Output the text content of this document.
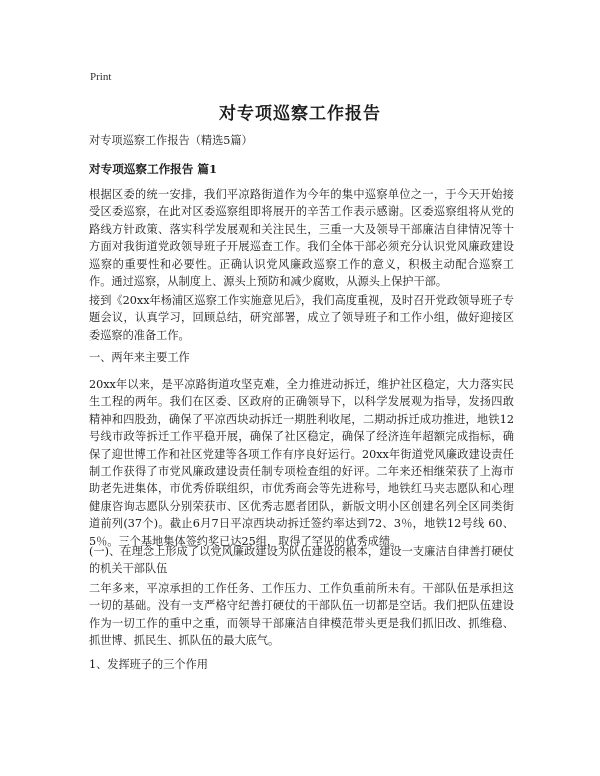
Print
对专项巡察工作报告

对专项巡察工作报告（精选5篇）

对专项巡察工作报告 篇1

根据区委的统一安排，我们平凉路街道作为今年的集中巡察单位之一，于今天开始接受区委巡察，在此对区委巡察组即将展开的辛苦工作表示感谢。区委巡察组将从党的路线方针政策、落实科学发展观和关注民生，三重一大及领导干部廉洁自律情况等十方面对我街道党政领导班子开展巡查工作。我们全体干部必须充分认识党风廉政建设巡察的重要性和必要性。正确认识党风廉政巡察工作的意义，积极主动配合巡察工作。通过巡察，从制度上、源头上预防和减少腐败，从源头上保护干部。

接到《20xx年杨浦区巡察工作实施意见后》，我们高度重视，及时召开党政领导班子专题会议，认真学习，回顾总结，研究部署，成立了领导班子和工作小组，做好迎接区委巡察的准备工作。

一、两年来主要工作

20xx年以来，是平凉路街道攻坚克难，全力推进动拆迁，维护社区稳定，大力落实民生工程的两年。我们在区委、区政府的正确领导下，以科学发展观为指导，发扬四敢精神和四股劲，确保了平凉西块动拆迁一期胜利收尾，二期动拆迁成功推进，地铁12号线市政等拆迁工作平稳开展，确保了社区稳定，确保了经济连年超额完成指标，确保了迎世博工作和社区党建等各项工作有序良好运行。20xx年街道党风廉政建设责任制工作获得了市党风廉政建设责任制专项检查组的好评。二年来还相继荣获了上海市助老先进集体，市优秀侨联组织，市优秀商会等先进称号，地铁红马夹志愿队和心理健康咨询志愿队分别荣获市、区优秀志愿者团队，新版文明小区创建名列全区同类街道前列(37个)。截止6月7日平凉西块动拆迁签约率达到72、3％，地铁12号线 60、5％。三个基地集体签约奖已达25组，取得了罕见的优秀成绩。

(一)、在理念上形成了以党风廉政建设为队伍建设的根本，建设一支廉洁自律善打硬仗的机关干部队伍

二年多来，平凉承担的工作任务、工作压力、工作负重前所未有。干部队伍是承担这一切的基础。没有一支严格守纪善打硬仗的干部队伍一切都是空话。我们把队伍建设作为一切工作的重中之重，而领导干部廉洁自律模范带头更是我们抓旧改、抓维稳、抓世博、抓民生、抓队伍的最大底气。

1、发挥班子的三个作用
